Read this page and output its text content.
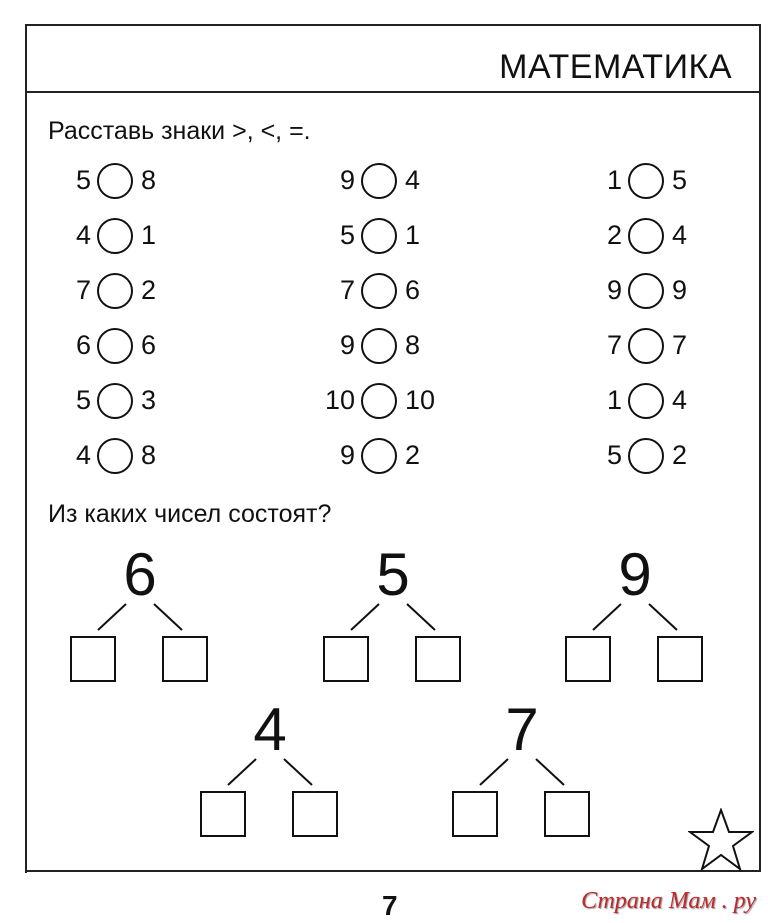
МАТЕМАТИКА
Расставь знаки >, <, =.
5 8
4 1
7 2
6 6
5 3
4 8
9 4
5 1
7 6
9 8
10 10
9 2
1 5
2 4
9 9
7 7
1 4
5 2
Из каких чисел состоят?
6	5	9
4	7
7	Страна Мам . ру
